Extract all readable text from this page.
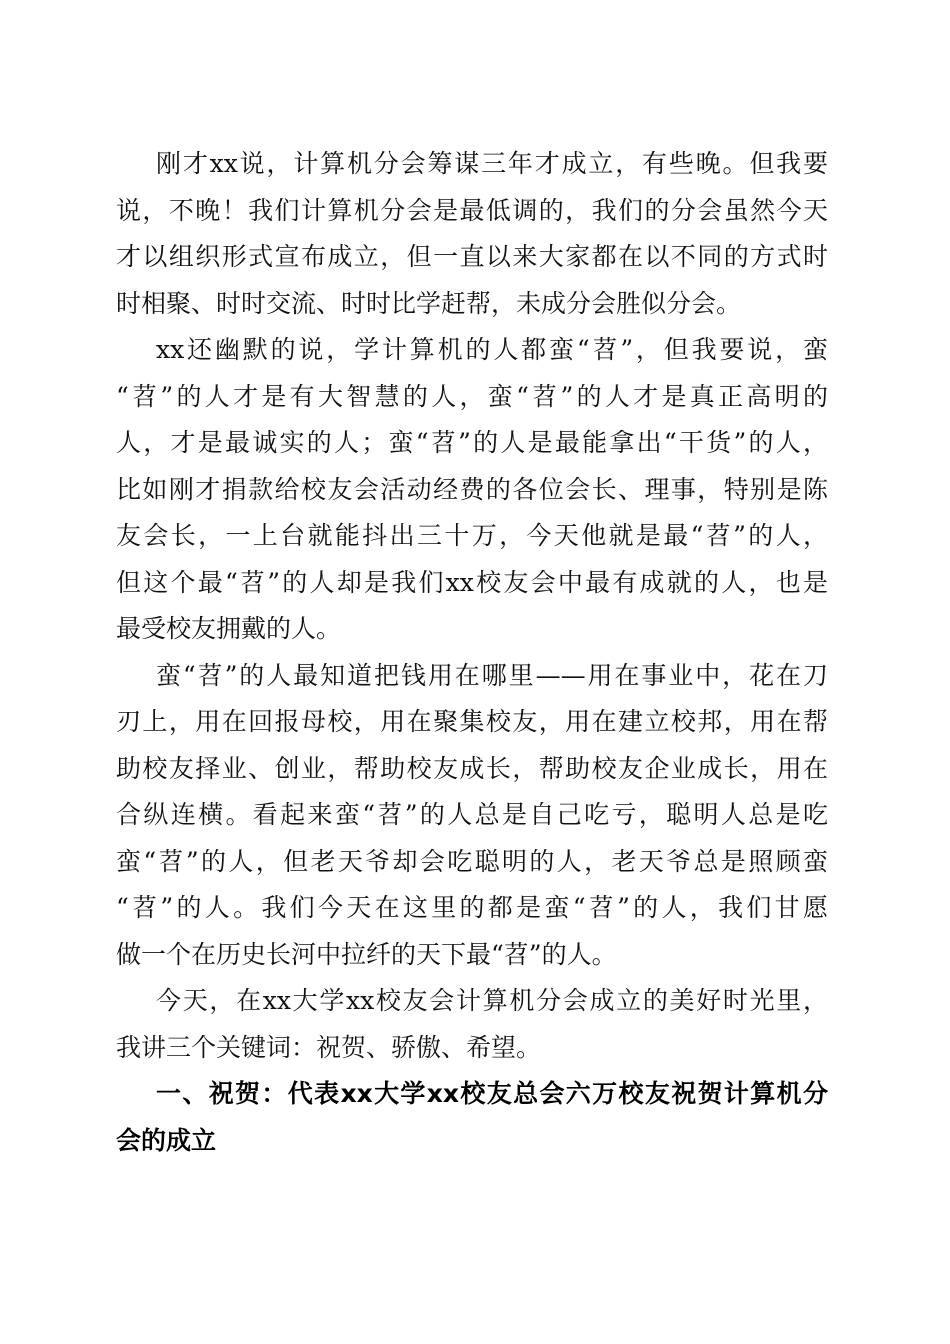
刚才xx说，计算机分会筹谋三年才成立，有些晚。但我要
说，不晚！我们计算机分会是最低调的，我们的分会虽然今天
才以组织形式宣布成立，但一直以来大家都在以不同的方式时
时相聚、时时交流、时时比学赶帮，未成分会胜似分会。
xx还幽默的说，学计算机的人都蛮“苕”，但我要说，蛮
“苕”的人才是有大智慧的人，蛮“苕”的人才是真正高明的
人，才是最诚实的人；蛮“苕”的人是最能拿出“干货”的人，
比如刚才捐款给校友会活动经费的各位会长、理事，特别是陈
友会长，一上台就能抖出三十万，今天他就是最“苕”的人，
但这个最“苕”的人却是我们xx校友会中最有成就的人，也是
最受校友拥戴的人。
蛮“苕”的人最知道把钱用在哪里——用在事业中，花在刀
刃上，用在回报母校，用在聚集校友，用在建立校邦，用在帮
助校友择业、创业，帮助校友成长，帮助校友企业成长，用在
合纵连横。看起来蛮“苕”的人总是自己吃亏，聪明人总是吃
蛮“苕”的人，但老天爷却会吃聪明的人，老天爷总是照顾蛮
“苕”的人。我们今天在这里的都是蛮“苕”的人，我们甘愿
做一个在历史长河中拉纤的天下最“苕”的人。
今天，在xx大学xx校友会计算机分会成立的美好时光里，
我讲三个关键词：祝贺、骄傲、希望。
一、祝贺：代表xx大学xx校友总会六万校友祝贺计算机分
会的成立
